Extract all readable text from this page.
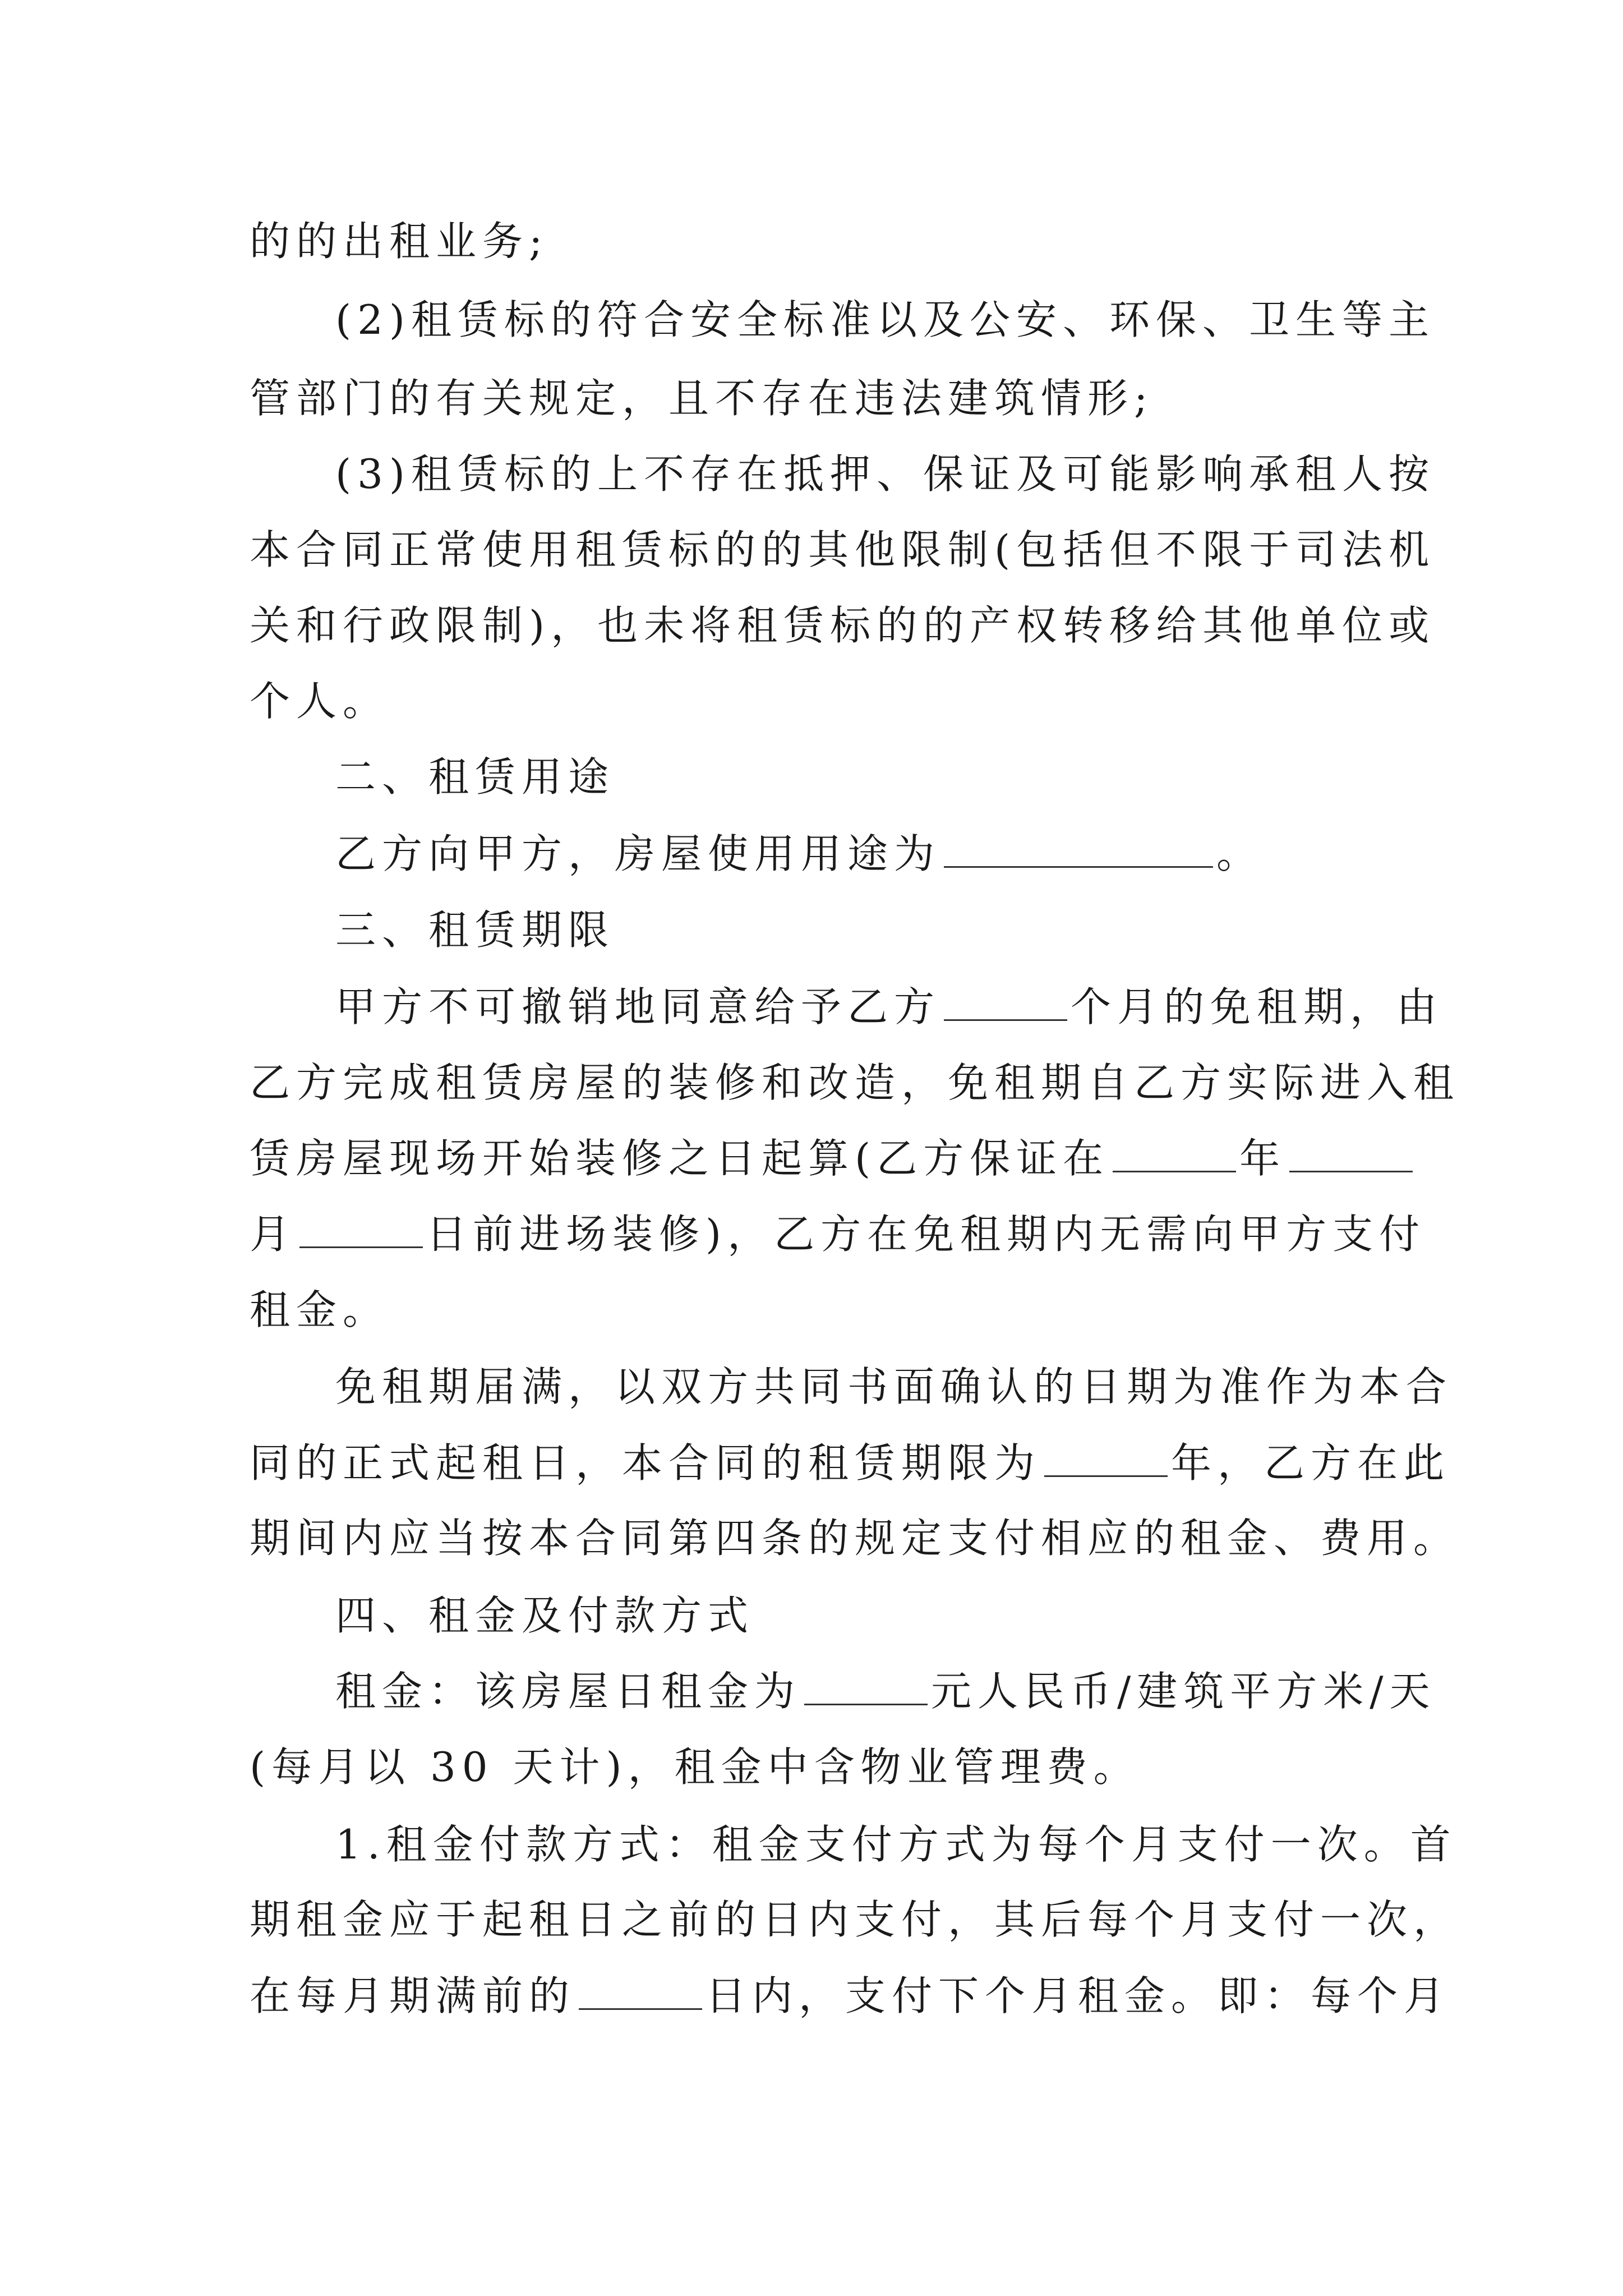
的的出租业务;
(2)租赁标的符合安全标准以及公安、环保、卫生等主
管部门的有关规定，且不存在违法建筑情形;
(3)租赁标的上不存在抵押、保证及可能影响承租人按
本合同正常使用租赁标的的其他限制(包括但不限于司法机
关和行政限制)，也未将租赁标的的产权转移给其他单位或
个人。
二、租赁用途
乙方向甲方，房屋使用用途为	。
三、租赁期限
甲方不可撤销地同意给予乙方	个月的免租期，由
乙方完成租赁房屋的装修和改造，免租期自乙方实际进入租
赁房屋现场开始装修之日起算(乙方保证在	年
月	日前进场装修)，乙方在免租期内无需向甲方支付
租金。
免租期届满，以双方共同书面确认的日期为准作为本合
同的正式起租日，本合同的租赁期限为	年，乙方在此
期间内应当按本合同第四条的规定支付相应的租金、费用。
四、租金及付款方式
租金：该房屋日租金为	元人民币/建筑平方米/天
(每月以 30 天计)，租金中含物业管理费。
1.租金付款方式：租金支付方式为每个月支付一次。首
期租金应于起租日之前的日内支付，其后每个月支付一次，
在每月期满前的	日内，支付下个月租金。即：每个月
